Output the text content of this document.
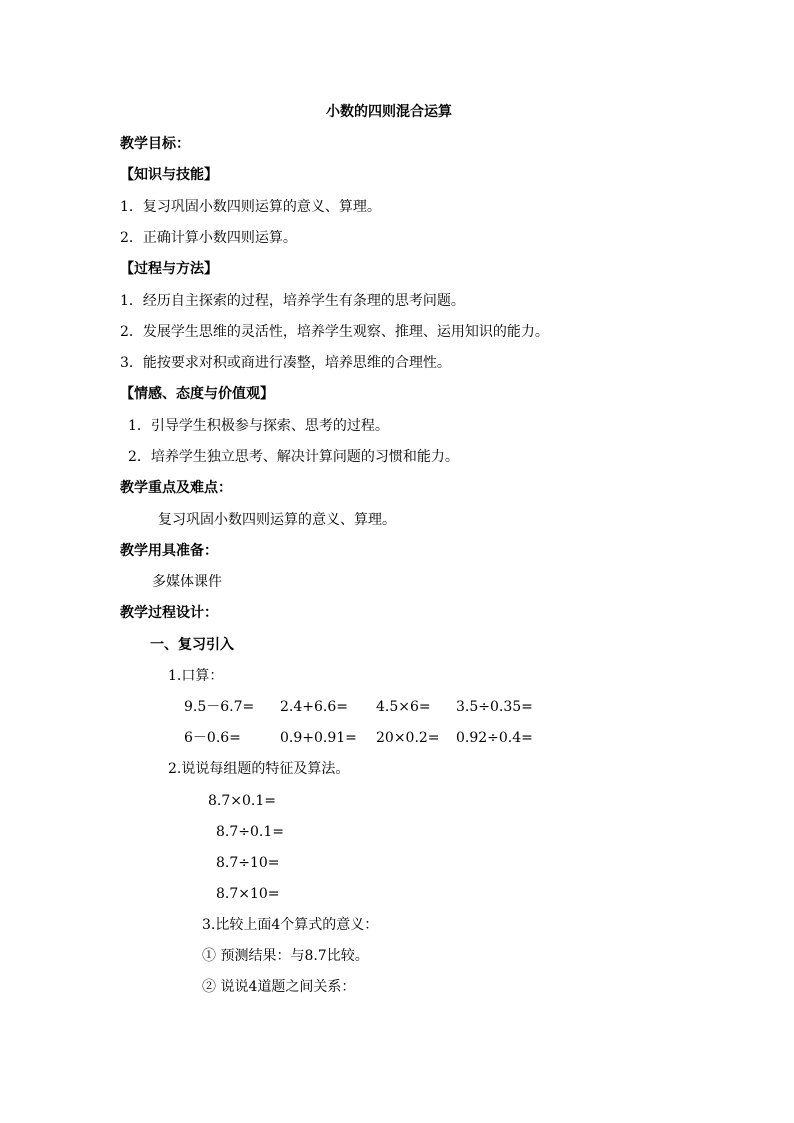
小数的四则混合运算
教学目标：
【知识与技能】
1．复习巩固小数四则运算的意义、算理。
2．正确计算小数四则运算。
【过程与方法】
1．经历自主探索的过程，培养学生有条理的思考问题。
2．发展学生思维的灵活性，培养学生观察、推理、运用知识的能力。
3．能按要求对积或商进行凑整，培养思维的合理性。
【情感、态度与价值观】
1．引导学生积极参与探索、思考的过程。
2．培养学生独立思考、解决计算问题的习惯和能力。
教学重点及难点：
复习巩固小数四则运算的意义、算理。
教学用具准备：
多媒体课件
教学过程设计：
一、复习引入
1.口算：
9.5－6.7= 2.4+6.6= 4.5×6= 3.5÷0.35=
6－0.6=	0.9+0.91= 20×0.2= 0.92÷0.4=
2.说说每组题的特征及算法。
8.7×0.1=
8.7÷0.1=
8.7÷10=
8.7×10=
3.比较上面4个算式的意义：
① 预测结果：与8.7比较。
② 说说4道题之间关系：
